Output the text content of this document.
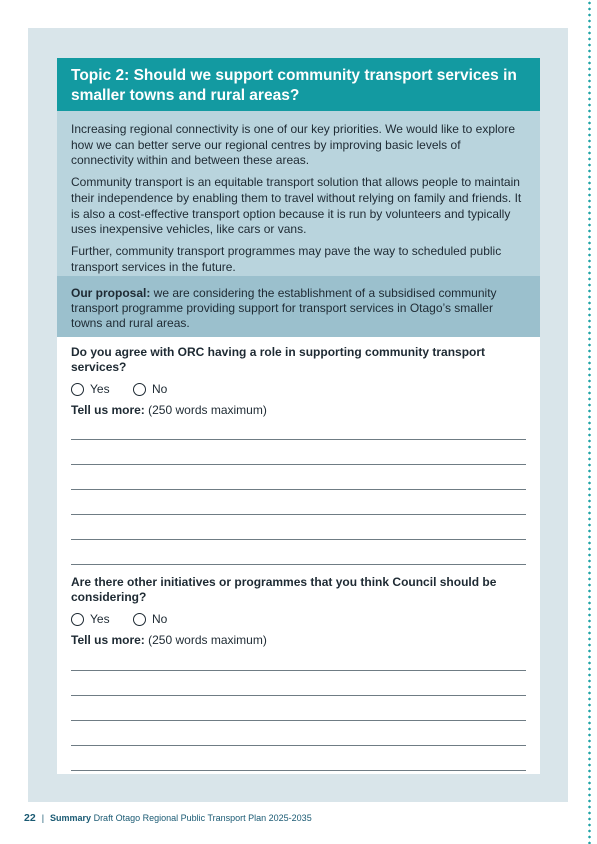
Topic 2: Should we support community transport services in smaller towns and rural areas?

Increasing regional connectivity is one of our key priorities. We would like to explore how we can better serve our regional centres by improving basic levels of connectivity within and between these areas.

Community transport is an equitable transport solution that allows people to maintain their independence by enabling them to travel without relying on family and friends. It is also a cost-effective transport option because it is run by volunteers and typically uses inexpensive vehicles, like cars or vans.

Further, community transport programmes may pave the way to scheduled public transport services in the future.

Our proposal: we are considering the establishment of a subsidised community transport programme providing support for transport services in Otago’s smaller towns and rural areas.
Do you agree with ORC having a role in supporting community transport services?
Yes	No
Tell us more: (250 words maximum)
Are there other initiatives or programmes that you think Council should be considering?
Yes	No
Tell us more: (250 words maximum)
22 | Summary Draft Otago Regional Public Transport Plan 2025-2035
